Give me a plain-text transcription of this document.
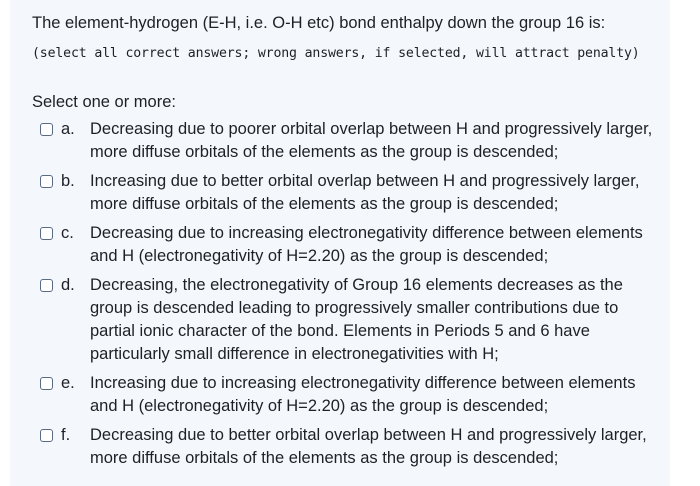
The element-hydrogen (E-H, i.e. O-H etc) bond enthalpy down the group 16 is:
(select all correct answers; wrong answers, if selected, will attract penalty)
Select one or more:
a. Decreasing due to poorer orbital overlap between H and progressively larger, more diffuse orbitals of the elements as the group is descended;
b. Increasing due to better orbital overlap between H and progressively larger, more diffuse orbitals of the elements as the group is descended;
c. Decreasing due to increasing electronegativity difference between elements and H (electronegativity of H=2.20) as the group is descended;
d. Decreasing, the electronegativity of Group 16 elements decreases as the group is descended leading to progressively smaller contributions due to partial ionic character of the bond. Elements in Periods 5 and 6 have particularly small difference in electronegativities with H;
e. Increasing due to increasing electronegativity difference between elements and H (electronegativity of H=2.20) as the group is descended;
f.	Decreasing due to better orbital overlap between H and progressively larger, more diffuse orbitals of the elements as the group is descended;
